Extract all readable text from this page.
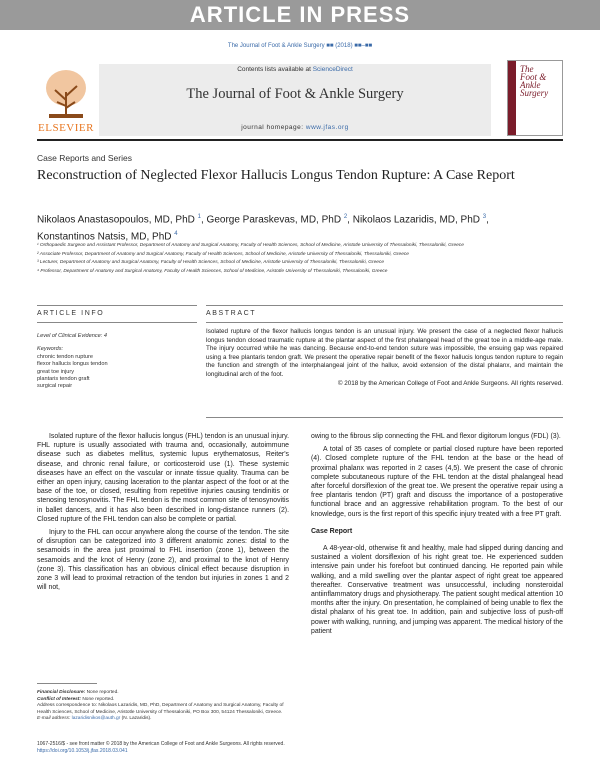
ARTICLE IN PRESS
The Journal of Foot & Ankle Surgery ■■ (2018) ■■–■■
ELSEVIER
Contents lists available at ScienceDirect
The Journal of Foot & Ankle Surgery
journal homepage: www.jfas.org
The
Foot &
Ankle
Surgery
Case Reports and Series
Reconstruction of Neglected Flexor Hallucis Longus Tendon Rupture: A Case Report
Nikolaos Anastasopoulos, MD, PhD $^1$, George Paraskevas, MD, PhD $^2$, Nikolaos Lazaridis, MD, PhD $^3$,
Konstantinos Natsis, MD, PhD $^4$
¹ Orthopaedic Surgeon and Assistant Professor, Department of Anatomy and Surgical Anatomy, Faculty of Health Sciences, School of Medicine, Aristotle University of Thessaloniki, Thessaloniki, Greece
² Associate Professor, Department of Anatomy and Surgical Anatomy, Faculty of Health Sciences, School of Medicine, Aristotle University of Thessaloniki, Thessaloniki, Greece
³ Lecturer, Department of Anatomy and Surgical Anatomy, Faculty of Health Sciences, School of Medicine, Aristotle University of Thessaloniki, Thessaloniki, Greece
⁴ Professor, Department of Anatomy and Surgical Anatomy, Faculty of Health Sciences, School of Medicine, Aristotle University of Thessaloniki, Thessaloniki, Greece
ARTICLE INFO	ABSTRACT
Level of Clinical Evidence: 4
Keywords:
chronic tendon rupture
flexor hallucis longus tendon
great toe injury
plantaris tendon graft
surgical repair
Isolated rupture of the flexor hallucis longus tendon is an unusual injury. We present the case of a neglected flexor hallucis longus tendon closed traumatic rupture at the plantar aspect of the first phalangeal head of the great toe in a middle-age male. The injury occurred while he was dancing. Because end-to-end tendon suture was impossible, the ensuing gap was repaired using a free plantaris tendon graft. We present the operative repair benefit of the flexor hallucis longus tendon rupture to regain the function and strength of the interphalangeal joint of the hallux, avoid extension of the distal phalanx, and maintain the longitudinal arch of the foot.
© 2018 by the American College of Foot and Ankle Surgeons. All rights reserved.

Isolated rupture of the flexor hallucis longus (FHL) tendon is an unusual injury. FHL rupture is usually associated with trauma and, occasionally, autoimmune disease such as diabetes mellitus, systemic lupus erythematosus, Reiter's disease, and chronic renal failure, or corticosteroid use (1). These systemic diseases have an effect on the vascular or innate tissue quality. Trauma can be either an open injury, causing laceration to the plantar aspect of the foot or at the base of the toe, or closed, resulting from repetitive injuries causing tendinitis or stenosing tenosynovitis. The FHL tendon is the most common site of tenosynovitis in ballet dancers, and it has also been described in long-distance runners (2). Closed rupture of the FHL tendon can also be complete or partial.

Injury to the FHL can occur anywhere along the course of the tendon. The site of disruption can be categorized into 3 different anatomic zones: distal to the sesamoids in the area just proximal to FHL insertion (zone 1), between the sesamoids and the knot of Henry (zone 2), and proximal to the knot of Henry (zone 3). This classification has an obvious clinical effect because disruption in zone 3 will lead to proximal retraction of the tendon but injuries in zones 1 and 2 will not,

owing to the fibrous slip connecting the FHL and flexor digitorum longus (FDL) (3).

A total of 35 cases of complete or partial closed rupture have been reported (4). Closed complete rupture of the FHL tendon at the base or the head of proximal phalanx was reported in 2 cases (4,5). We present the case of chronic complete subcutaneous rupture of the FHL tendon at the distal phalangeal head after forceful dorsiflexion of the great toe. We present the operative repair using a free plantaris tendon (PT) graft and discuss the importance of a postoperative functional brace and an aggressive rehabilitation program. To the best of our knowledge, ours is the first report of this specific injury treated with a free PT graft.

Case Report

A 48-year-old, otherwise fit and healthy, male had slipped during dancing and sustained a violent dorsiflexion of his right great toe. He experienced sudden intensive pain under his forefoot but continued dancing. He reported pain while walking, and a mild swelling over the plantar aspect of right great toe appeared thereafter. Conservative treatment was unsuccessful, including nonsteroidal antiinflammatory drugs and physiotherapy. The patient sought medical attention 10 months after the injury. On presentation, he complained of being unable to flex the distal phalanx of his great toe. In addition, pain and subjective loss of push-off power with walking, running, and jumping was apparent. The medical history of the patient

Financial Disclosure: None reported.
Conflict of Interest: None reported.
Address correspondence to: Nikolaos Lazaridis, MD, PhD, Department of Anatomy and Surgical Anatomy, Faculty of Health Sciences, School of Medicine, Aristotle University of Thessaloniki, PO Box 300, 54124 Thessaloniki, Greece.
E-mail address: lazaridisnikos@auth.gr (N. Lazaridis).
1067-2516/$ - see front matter © 2018 by the American College of Foot and Ankle Surgeons. All rights reserved.
https://doi.org/10.1053/j.jfas.2018.03.041
